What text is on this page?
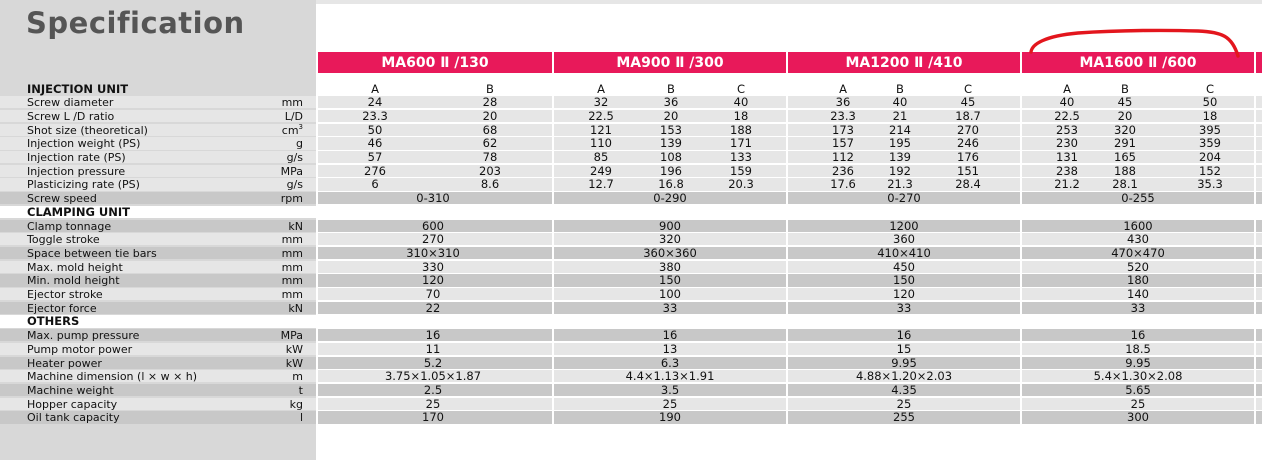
Specification
MA600 Ⅱ /130	MA900 Ⅱ /300	MA1200 Ⅱ /410	MA1600 Ⅱ /600
INJECTION UNIT	A	B	A	B	C	A	B	C	A	B	C
Screw diameter	mm	24	28	32	36	40	36	40	45	40	45	50
Screw L /D ratio	L/D	23.3	20	22.5	20	18	23.3	21	18.7	22.5	20	18
Shot size (theoretical)	$cm^3$	50	68	121	153	188	173	214	270	253	320	395
Injection weight (PS)	g	46	62	110	139	171	157	195	246	230	291	359
Injection rate (PS)	g/s	57	78	85	108	133	112	139	176	131	165	204
Injection pressure	MPa	276	203	249	196	159	236	192	151	238	188	152
Plasticizing rate (PS)	g/s	6	8.6	12.7	16.8	20.3	17.6	21.3	28.4	21.2	28.1	35.3
Screw speed	rpm	0-310	0-290	0-270	0-255
CLAMPING UNIT
Clamp tonnage	kN	600	900	1200	1600
Toggle stroke	mm	270	320	360	430
Space between tie bars	mm	310×310	360×360	410×410	470×470
Max. mold height	mm	330	380	450	520
Min. mold height	mm	120	150	150	180
Ejector stroke	mm	70	100	120	140
Ejector force	kN	22	33	33	33
OTHERS
Max. pump pressure	MPa	16	16	16	16
Pump motor power	kW	11	13	15	18.5
Heater power	kW	5.2	6.3	9.95	9.95
Machine dimension (l × w × h)	m	3.75×1.05×1.87	4.4×1.13×1.91	4.88×1.20×2.03	5.4×1.30×2.08
Machine weight	t	2.5	3.5	4.35	5.65
Hopper capacity	kg	25	25	25	25
Oil tank capacity	l	170	190	255	300
